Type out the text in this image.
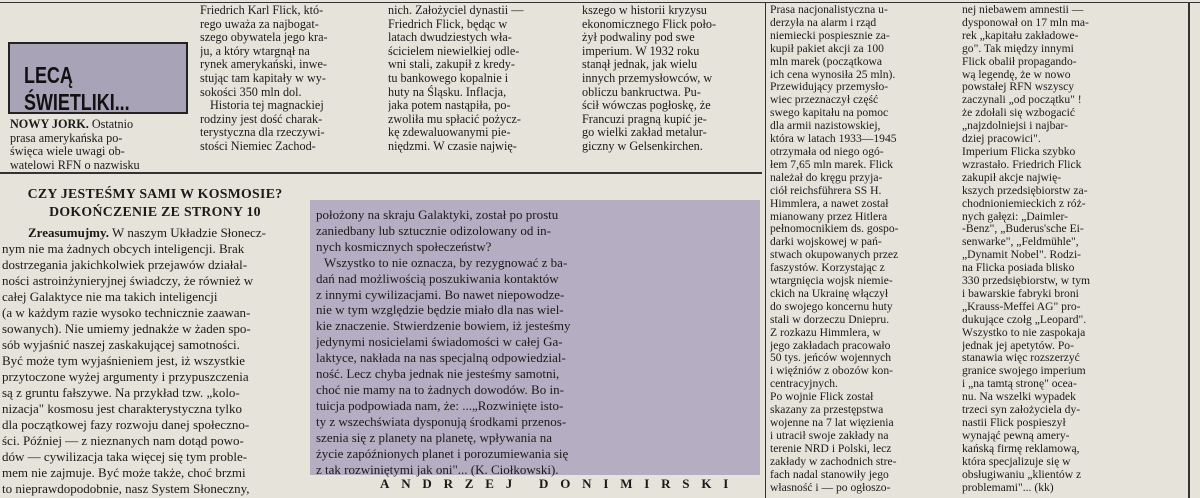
LECĄ ŚWIETLIKI...

NOWY JORK. Ostatnio

prasa amerykańska po-

święca wiele uwagi ob-

watelowi RFN o nazwisku

Friedrich Karl Flick, któ-

rego uważa za najbogat-

szego obywatela jego kra-

ju, a który wtargnął na

rynek amerykański, inwe-

stując tam kapitały w wy-

sokości 350 mln dol.

Historia tej magnackiej

rodziny jest dość charak-

terystyczna dla rzeczywi-

stości Niemiec Zachod-

nich. Założyciel dynastii —

Friedrich Flick, będąc w

latach dwudziestych wła-

ścicielem niewielkiej odle-

wni stali, zakupił z kredy-

tu bankowego kopalnie i

huty na Śląsku. Inflacja,

jaka potem nastąpiła, po-

zwoliła mu spłacić pożycz-

kę zdewaluowanymi pie-

niędzmi. W czasie najwię-

kszego w historii kryzysu

ekonomicznego Flick poło-

żył podwaliny pod swe

imperium. W 1932 roku

stanął jednak, jak wielu

innych przemysłowców, w

obliczu bankructwa. Pu-

ścił wówczas pogłoskę, że

Francuzi pragną kupić je-

go wielki zakład metalur-

giczny w Gelsenkirchen.

Prasa nacjonalistyczna u-

derzyła na alarm i rząd

niemiecki pospiesznie za-

kupił pakiet akcji za 100

mln marek (początkowa

ich cena wynosiła 25 mln).

Przewidujący przemysło-

wiec przeznaczył część

swego kapitału na pomoc

dla armii nazistowskiej,

która w latach 1933—1945

otrzymała od niego ogó-

łem 7,65 mln marek. Flick

należał do kręgu przyja-

ciół reichsführera SS H.

Himmlera, a nawet został

mianowany przez Hitlera

pełnomocnikiem ds. gospo-

darki wojskowej w pań-

stwach okupowanych przez

faszystów. Korzystając z

wtargnięcia wojsk niemie-

ckich na Ukrainę włączył

do swojego koncernu huty

stali w dorzeczu Dniepru.

Z rozkazu Himmlera, w

jego zakładach pracowało

50 tys. jeńców wojennych

i więźniów z obozów kon-

centracyjnych.

Po wojnie Flick został

skazany za przestępstwa

wojenne na 7 lat więzienia

i utracił swoje zakłady na

terenie NRD i Polski, lecz

zakłady w zachodnich stre-

fach nadal stanowiły jego

własność i — po ogłoszo-

nej niebawem amnestii —

dysponował on 17 mln ma-

rek „kapitału zakładowe-

go". Tak między innymi

Flick obalił propagando-

wą legendę, że w nowo

powstałej RFN wszyscy

zaczynali „od początku" !

że zdołali się wzbogacić

„najzdolniejsi i najbar-

dziej pracowici".

Imperium Flicka szybko

wzrastało. Friedrich Flick

zakupił akcje najwię-

kszych przedsiębiorstw za-

chodnioniemieckich z róż-

nych gałęzi: „Daimler-

-Benz", „Buderus'sche Ei-

senwarke", „Feldmühle",

„Dynamit Nobel". Rodzi-

na Flicka posiada blisko

330 przedsiębiorstw, w tym

i bawarskie fabryki broni

„Krauss-Meffei AG" pro-

dukujące czołg „Leopard".

Wszystko to nie zaspokaja

jednak jej apetytów. Po-

stanawia więc rozszerzyć

granice swojego imperium

i „na tamtą stronę" ocea-

nu. Na wszelki wypadek

trzeci syn założyciela dy-

nastii Flick pospieszył

wynająć pewną amery-

kańską firmę reklamową,

która specjalizuje się w

obsługiwaniu „klientów z

problemami"... (kk)

CZY JESTEŚMY SAMI W KOSMOSIE?
DOKOŃCZENIE ZE STRONY 10

Zreasumujmy. W naszym Układzie Słonecz-

nym nie ma żadnych obcych inteligencji. Brak

dostrzegania jakichkolwiek przejawów działal-

ności astroinżynieryjnej świadczy, że również w

całej Galaktyce nie ma takich inteligencji

(a w każdym razie wysoko technicznie zaawan-

sowanych). Nie umiemy jednakże w żaden spo-

sób wyjaśnić naszej zaskakującej samotności.

Być może tym wyjaśnieniem jest, iż wszystkie

przytoczone wyżej argumenty i przypuszczenia

są z gruntu fałszywe. Na przykład tzw. „kolo-

nizacja" kosmosu jest charakterystyczna tylko

dla początkowej fazy rozwoju danej społeczno-

ści. Później — z nieznanych nam dotąd powo-

dów — cywilizacja taka więcej się tym proble-

mem nie zajmuje. Być może także, choć brzmi

to nieprawdopodobnie, nasz System Słoneczny,

położony na skraju Galaktyki, został po prostu

zaniedbany lub sztucznie odizolowany od in-

nych kosmicznych społeczeństw?

Wszystko to nie oznacza, by rezygnować z ba-

dań nad możliwością poszukiwania kontaktów

z innymi cywilizacjami. Bo nawet niepowodze-

nie w tym względzie będzie miało dla nas wiel-

kie znaczenie. Stwierdzenie bowiem, iż jesteśmy

jedynymi nosicielami świadomości w całej Ga-

laktyce, nakłada na nas specjalną odpowiedzial-

ność. Lecz chyba jednak nie jesteśmy samotni,

choć nie mamy na to żadnych dowodów. Bo in-

tuicja podpowiada nam, że: ...„Rozwinięte isto-

ty z wszechświata dysponują środkami przenos-

szenia się z planety na planetę, wpływania na

życie zapóźnionych planet i porozumiewania się

z tak rozwiniętymi jak oni"... (K. Ciołkowski).

ANDRZEJ DONIMIRSKI
